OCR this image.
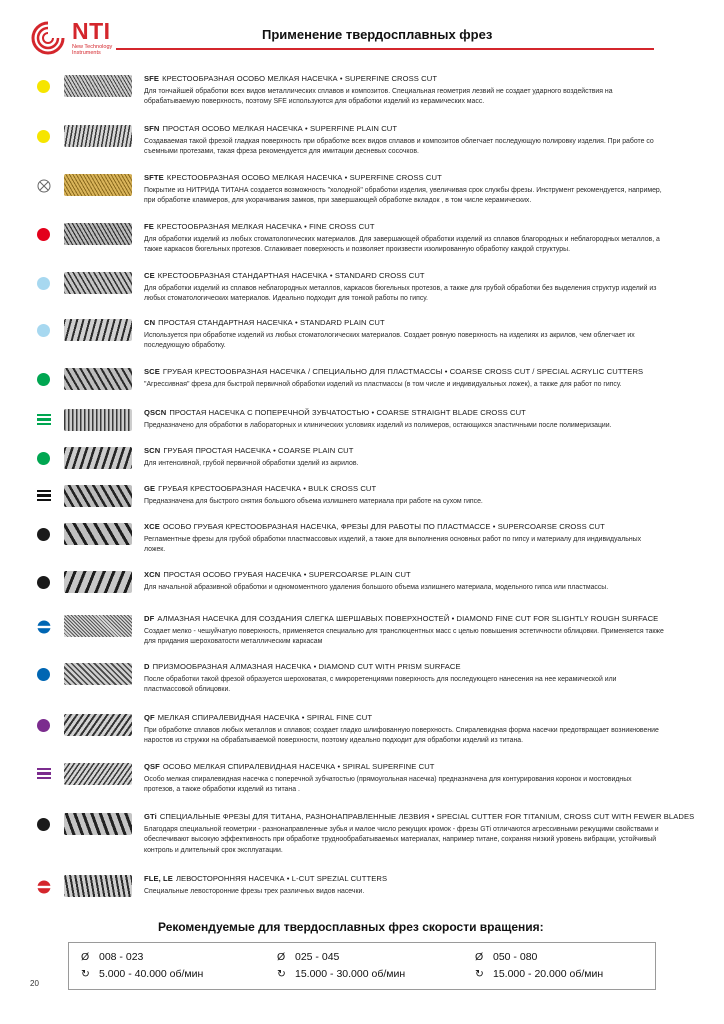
NTI
New Technology Instruments
Применение твердосплавных фрез
SFE КРЕСТООБРАЗНАЯ ОСОБО МЕЛКАЯ НАСЕЧКА • SUPERFINE CROSS CUT
Для тончайшей обработки всех видов металлических сплавов и композитов. Специальная геометрия лезвий не создает ударного воздействия на обрабатываемую поверхность, поэтому SFE используются для обработки изделий из керамических масс.
SFN ПРОСТАЯ ОСОБО МЕЛКАЯ НАСЕЧКА • SUPERFINE PLAIN CUT
Создаваемая такой фрезой гладкая поверхность при обработке всех видов сплавов и композитов облегчает последующую полировку изделия. При работе со съемными протезами, такая фреза рекомендуется для имитации десневых сосочков.
SFTE КРЕСТООБРАЗНАЯ ОСОБО МЕЛКАЯ НАСЕЧКА • SUPERFINE CROSS CUT
Покрытие из НИТРИДА ТИТАНА создается возможность "холодной" обработки изделия, увеличивая срок службы фрезы. Инструмент рекомендуется, например, при обработке кламмеров, для укорачивания замков, при завершающей обработке вкладок , в том числе керамических.
FE КРЕСТООБРАЗНАЯ МЕЛКАЯ НАСЕЧКА • FINE CROSS CUT
Для обработки изделий из любых стоматологических материалов. Для завершающей обработки изделий из сплавов благородных и неблагородных металлов, а также каркасов бюгельных протезов. Сглаживает поверхность и позволяет произвести изолированную обработку каждой структуры.
CE КРЕСТООБРАЗНАЯ СТАНДАРТНАЯ НАСЕЧКА • STANDARD CROSS CUT
Для обработки изделий из сплавов неблагородных металлов, каркасов бюгельных протезов, а также для грубой обработки без выделения структур изделий из любых стоматологических материалов. Идеально подходит для тонкой работы по гипсу.
CN ПРОСТАЯ СТАНДАРТНАЯ НАСЕЧКА • STANDARD PLAIN CUT
Используется при обработке изделий из любых стоматологических материалов. Создает ровную поверхность на изделиях из акрилов, чем облегчает их последующую обработку.
SCE ГРУБАЯ КРЕСТООБРАЗНАЯ НАСЕЧКА / СПЕЦИАЛЬНО ДЛЯ ПЛАСТМАССЫ • COARSE CROSS CUT / SPECIAL ACRYLIC CUTTERS
"Агрессивная" фреза для быстрой первичной обработки изделий из пластмассы (в том числе и индивидуальных ложек), а также для работ по гипсу.
QSCN ПРОСТАЯ НАСЕЧКА С ПОПЕРЕЧНОЙ ЗУБЧАТОСТЬЮ • COARSE STRAIGHT BLADE CROSS CUT
Предназначено для обработки в лабораторных и клинических условиях изделий из полимеров, остающихся эластичными после полимеризации.
SCN ГРУБАЯ ПРОСТАЯ НАСЕЧКА • COARSE PLAIN CUT
Для интенсивной, грубой первичной обработки зделий из акрилов.
GE ГРУБАЯ КРЕСТООБРАЗНАЯ НАСЕЧКА • BULK CROSS CUT
Предназначена для быстрого снятия большого объема излишнего материала при работе на сухом гипсе.
XCE ОСОБО ГРУБАЯ КРЕСТООБРАЗНАЯ НАСЕЧКА, ФРЕЗЫ ДЛЯ РАБОТЫ ПО ПЛАСТМАССЕ • SUPERCOARSE CROSS CUT
Регламентные фрезы для грубой обработки пластмассовых изделий, а также для выполнения основных работ по гипсу и материалу для индивидуальных ложек.
XCN ПРОСТАЯ ОСОБО ГРУБАЯ НАСЕЧКА • SUPERCOARSE PLAIN CUT
Для начальной абразивной обработки и одномоментного удаления большого объема излишнего материала, модельного гипса или пластмассы.
DF АЛМАЗНАЯ НАСЕЧКА ДЛЯ СОЗДАНИЯ СЛЕГКА ШЕРШАВЫХ ПОВЕРХНОСТЕЙ • DIAMOND FINE CUT FOR SLIGHTLY ROUGH SURFACE
Создает мелко - чешуйчатую поверхность, применяется специально для транслюцентных масс с целью повышения эстетичности облицовки. Применяется также для придания шероховатости металлическим каркасам
D ПРИЗМООБРАЗНАЯ АЛМАЗНАЯ НАСЕЧКА • DIAMOND CUT WITH PRISM SURFACE
После обработки такой фрезой образуется шероховатая, с микроретенциями поверхность для последующего нанесения на нее керамической или пластмассовой облицовки.
QF МЕЛКАЯ СПИРАЛЕВИДНАЯ НАСЕЧКА • SPIRAL FINE CUT
При обработке сплавов любых металлов и сплавов; создает гладко шлифованную поверхность. Спиралевидная форма насечки предотвращает возникновение наростов из стружки на обрабатываемой поверхности, поэтому идеально подходит для обработки изделий из титана.
QSF ОСОБО МЕЛКАЯ СПИРАЛЕВИДНАЯ НАСЕЧКА • SPIRAL SUPERFINE CUT
Особо мелкая спиралевидная насечка с поперечной зубчатостью (прямоугольная насечка) предназначена для контурирования коронок и мостовидных протезов, а также обработки изделий из титана .
GTi СПЕЦИАЛЬНЫЕ ФРЕЗЫ ДЛЯ ТИТАНА, РАЗНОНАПРАВЛЕННЫЕ ЛЕЗВИЯ • SPECIAL CUTTER FOR TITANIUM, CROSS CUT WITH FEWER BLADES
Благодаря специальной геометрии - разнонаправленные зубья и малое число режущих кромок - фрезы GTi отличаются агрессивными режущими свойствами и обеспечивают высокую эффективность при обработке труднообрабатываемых материалах, например титане, сохраняя низкий уровень вибрации, устойчивый контроль и длительный срок эксплуатации.
FLE, LE ЛЕВОСТОРОННЯЯ НАСЕЧКА • L-CUT SPEZIAL CUTTERS
Специальные левосторонние фрезы трех различных видов насечки.
Рекомендуемые для твердосплавных фрез скорости вращения:
Ø 008 - 023
↻ 5.000 - 40.000 об/мин
Ø 025 - 045
↻ 15.000 - 30.000 об/мин
Ø 050 - 080
↻ 15.000 - 20.000 об/мин
20
